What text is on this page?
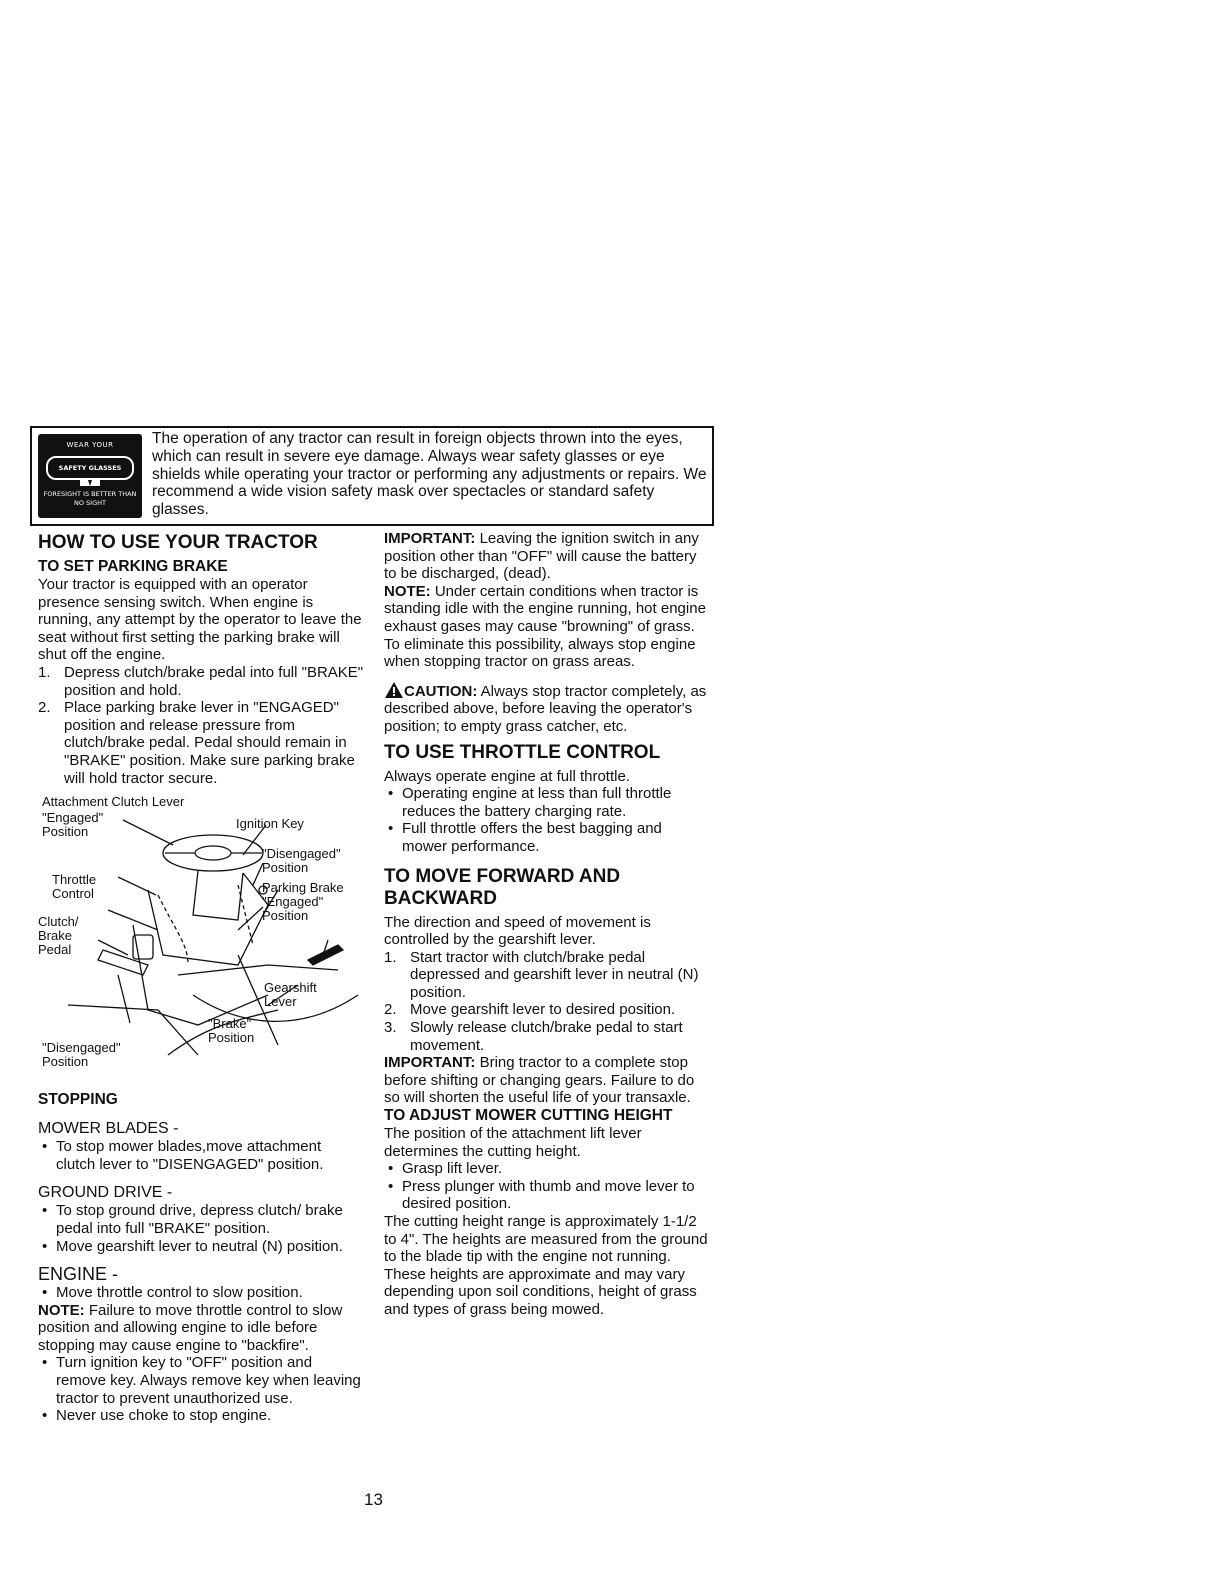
WEAR YOUR
SAFETY GLASSES
FORESIGHT IS BETTER THAN NO SIGHT

The operation of any tractor can result in foreign objects thrown into the eyes, which can result in severe eye damage. Always wear safety glasses or eye shields while operating your tractor or performing any adjustments or repairs. We recommend a wide vision safety mask over spectacles or standard safety glasses.

HOW TO USE YOUR TRACTOR
TO SET PARKING BRAKE

Your tractor is equipped with an operator presence sensing switch. When engine is running, any attempt by the operator to leave the seat without first setting the parking brake will shut off the engine.

1. Depress clutch/brake pedal into full "BRAKE" position and hold.
2. Place parking brake lever in "ENGAGED" position and release pressure from clutch/brake pedal. Pedal should remain in "BRAKE" position. Make sure parking brake will hold tractor secure.
Attachment Clutch Lever
"Engaged" Position
Ignition Key
"Disengaged" Position
Parking Brake "Engaged" Position
Throttle Control
Clutch/ Brake Pedal
Gearshift Lever
"Brake" Position
"Disengaged" Position
STOPPING
MOWER BLADES -
• To stop mower blades,move attachment clutch lever to "DISENGAGED" position.
GROUND DRIVE -
• To stop ground drive, depress clutch/ brake pedal into full "BRAKE" position.
• Move gearshift lever to neutral (N) position.
ENGINE -
• Move throttle control to slow position.

NOTE: Failure to move throttle control to slow position and allowing engine to idle before stopping may cause engine to "backfire".

• Turn ignition key to "OFF" position and remove key. Always remove key when leaving tractor to prevent unauthorized use.
• Never use choke to stop engine.

IMPORTANT: Leaving the ignition switch in any position other than "OFF" will cause the battery to be discharged, (dead).

NOTE: Under certain conditions when tractor is standing idle with the engine running, hot engine exhaust gases may cause "browning" of grass. To eliminate this possibility, always stop engine when stopping tractor on grass areas.

CAUTION: Always stop tractor completely, as described above, before leaving the operator's position; to empty grass catcher, etc.

TO USE THROTTLE CONTROL

Always operate engine at full throttle.

• Operating engine at less than full throttle reduces the battery charging rate.
• Full throttle offers the best bagging and mower performance.
TO MOVE FORWARD AND BACKWARD

The direction and speed of movement is controlled by the gearshift lever.

1. Start tractor with clutch/brake pedal depressed and gearshift lever in neutral (N) position.
2. Move gearshift lever to desired position.
3. Slowly release clutch/brake pedal to start movement.

IMPORTANT: Bring tractor to a complete stop before shifting or changing gears. Failure to do so will shorten the useful life of your transaxle.

TO ADJUST MOWER CUTTING HEIGHT

The position of the attachment lift lever determines the cutting height.

• Grasp lift lever.
• Press plunger with thumb and move lever to desired position.

The cutting height range is approximately 1-1/2 to 4". The heights are measured from the ground to the blade tip with the engine not running. These heights are approximate and may vary depending upon soil conditions, height of grass and types of grass being mowed.

13
